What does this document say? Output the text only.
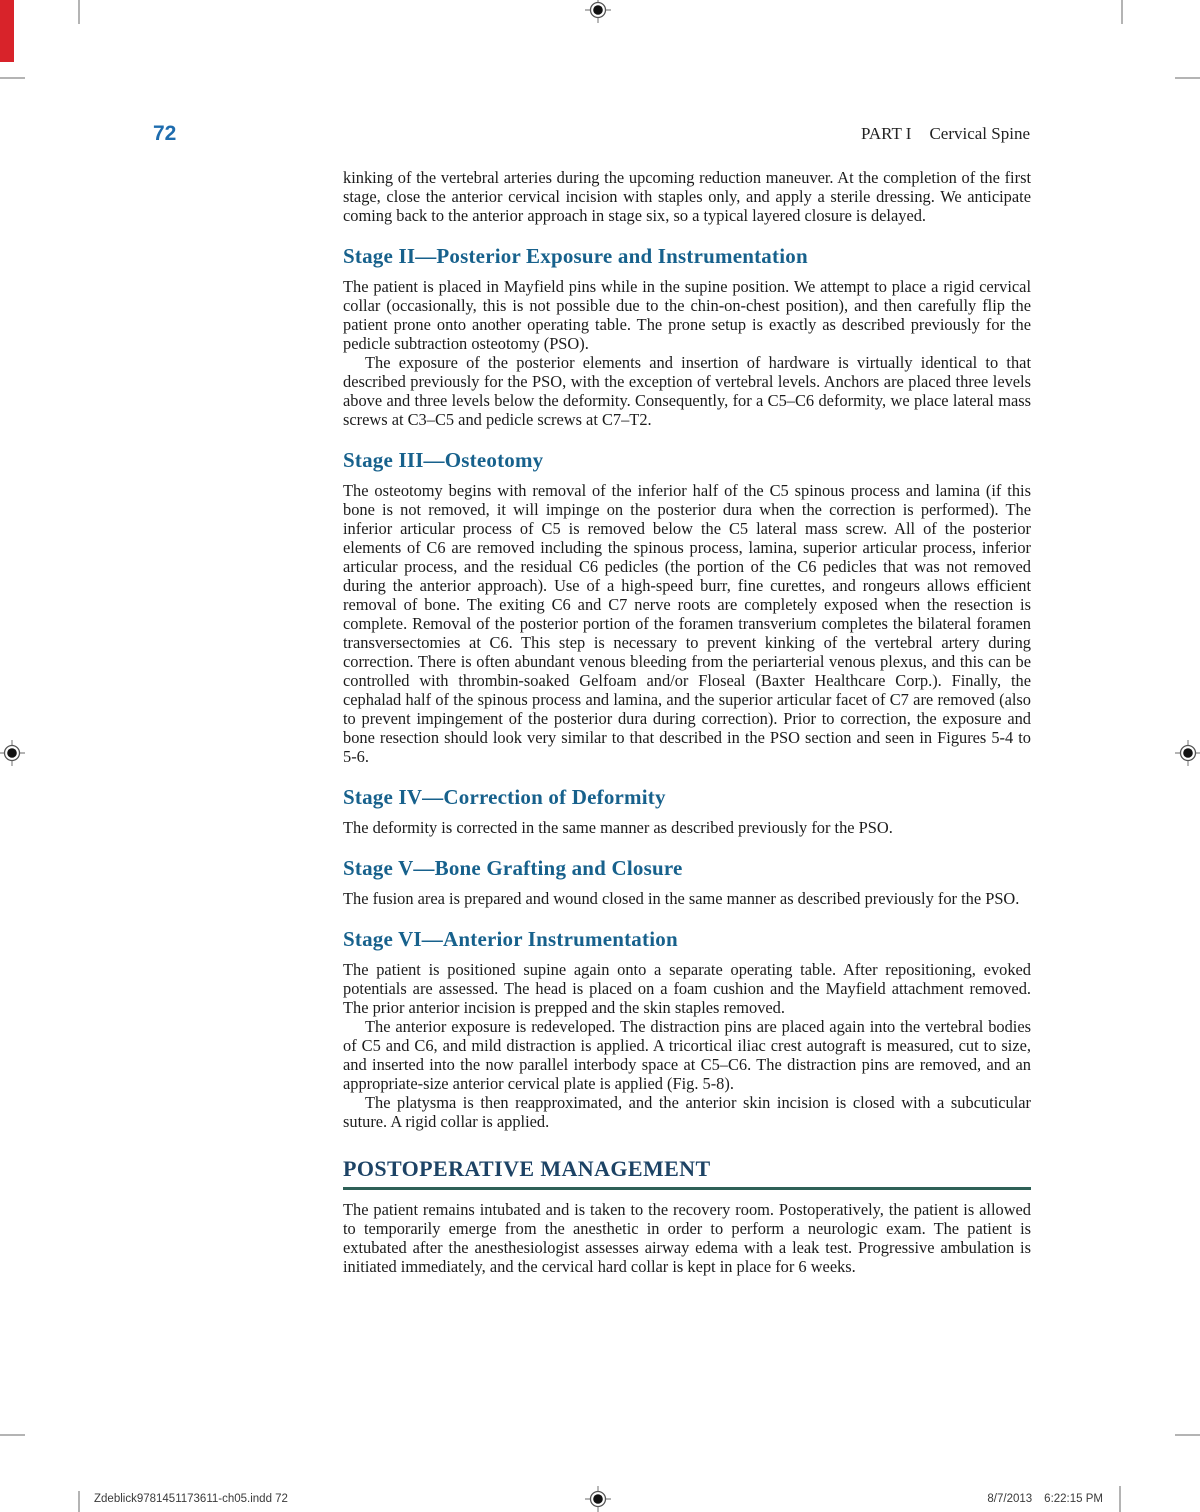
72	PART I Cervical Spine

kinking of the vertebral arteries during the upcoming reduction maneuver. At the completion of the first stage, close the anterior cervical incision with staples only, and apply a sterile dressing. We anticipate coming back to the anterior approach in stage six, so a typical layered closure is delayed.

Stage II—Posterior Exposure and Instrumentation

The patient is placed in Mayfield pins while in the supine position. We attempt to place a rigid cervical collar (occasionally, this is not possible due to the chin-on-chest position), and then carefully flip the patient prone onto another operating table. The prone setup is exactly as described previously for the pedicle subtraction osteotomy (PSO).

The exposure of the posterior elements and insertion of hardware is virtually identical to that described previously for the PSO, with the exception of vertebral levels. Anchors are placed three levels above and three levels below the deformity. Consequently, for a C5–C6 deformity, we place lateral mass screws at C3–C5 and pedicle screws at C7–T2.

Stage III—Osteotomy

The osteotomy begins with removal of the inferior half of the C5 spinous process and lamina (if this bone is not removed, it will impinge on the posterior dura when the correction is performed). The inferior articular process of C5 is removed below the C5 lateral mass screw. All of the posterior elements of C6 are removed including the spinous process, lamina, superior articular process, inferior articular process, and the residual C6 pedicles (the portion of the C6 pedicles that was not removed during the anterior approach). Use of a high-speed burr, fine curettes, and rongeurs allows efficient removal of bone. The exiting C6 and C7 nerve roots are completely exposed when the resection is complete. Removal of the posterior portion of the foramen transverium completes the bilateral foramen transversectomies at C6. This step is necessary to prevent kinking of the vertebral artery during correction. There is often abundant venous bleeding from the periarterial venous plexus, and this can be controlled with thrombin-soaked Gelfoam and/or Floseal (Baxter Healthcare Corp.). Finally, the cephalad half of the spinous process and lamina, and the superior articular facet of C7 are removed (also to prevent impingement of the posterior dura during correction). Prior to correction, the exposure and bone resection should look very similar to that described in the PSO section and seen in Figures 5-4 to 5-6.

Stage IV—Correction of Deformity

The deformity is corrected in the same manner as described previously for the PSO.

Stage V—Bone Grafting and Closure

The fusion area is prepared and wound closed in the same manner as described previously for the PSO.

Stage VI—Anterior Instrumentation

The patient is positioned supine again onto a separate operating table. After repositioning, evoked potentials are assessed. The head is placed on a foam cushion and the Mayfield attachment removed. The prior anterior incision is prepped and the skin staples removed.

The anterior exposure is redeveloped. The distraction pins are placed again into the vertebral bodies of C5 and C6, and mild distraction is applied. A tricortical iliac crest autograft is measured, cut to size, and inserted into the now parallel interbody space at C5–C6. The distraction pins are removed, and an appropriate-size anterior cervical plate is applied (Fig. 5-8).

The platysma is then reapproximated, and the anterior skin incision is closed with a subcuticular suture. A rigid collar is applied.

POSTOPERATIVE MANAGEMENT

The patient remains intubated and is taken to the recovery room. Postoperatively, the patient is allowed to temporarily emerge from the anesthetic in order to perform a neurologic exam. The patient is extubated after the anesthesiologist assesses airway edema with a leak test. Progressive ambulation is initiated immediately, and the cervical hard collar is kept in place for 6 weeks.

Zdeblick9781451173611-ch05.indd 72	8/7/2013 6:22:15 PM
